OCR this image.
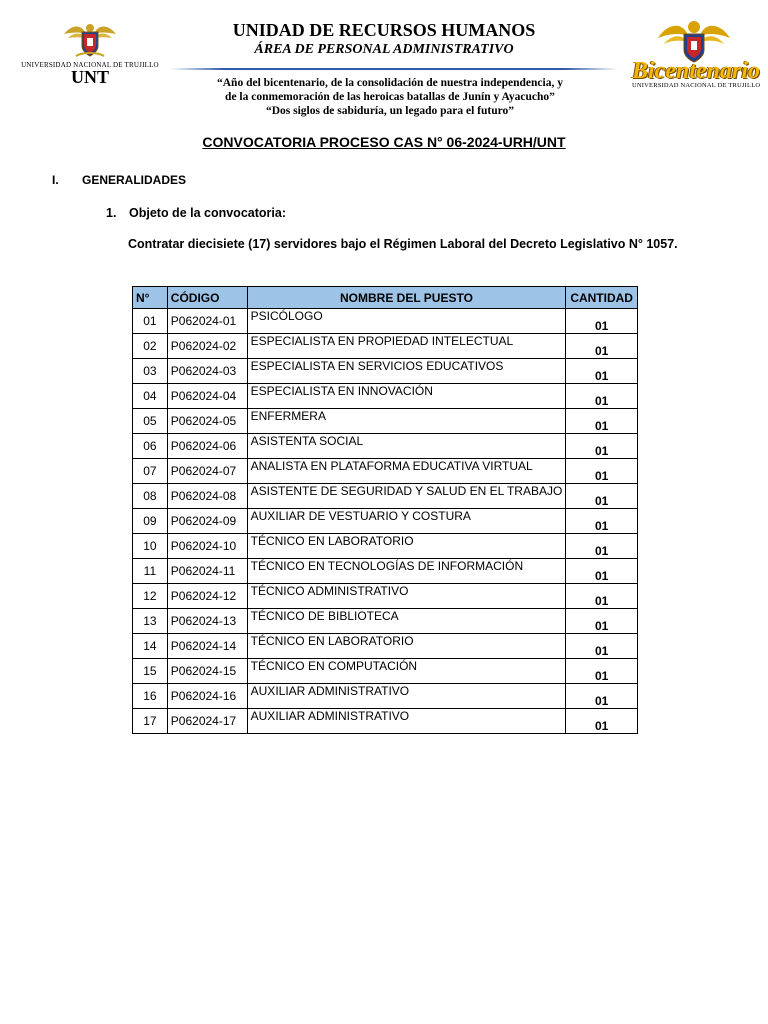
UNIVERSIDAD NACIONAL DE TRUJILLO
UNT
UNIDAD DE RECURSOS HUMANOS
ÁREA DE PERSONAL ADMINISTRATIVO
“Año del bicentenario, de la consolidación de nuestra independencia, y
de la conmemoración de las heroicas batallas de Junín y Ayacucho”
“Dos siglos de sabiduría, un legado para el futuro”
Bicentenario
UNIVERSIDAD NACIONAL DE TRUJILLO
CONVOCATORIA PROCESO CAS N° 06-2024-URH/UNT
I. GENERALIDADES
1. Objeto de la convocatoria:
Contratar diecisiete (17) servidores bajo el Régimen Laboral del Decreto Legislativo N° 1057.
N°	CÓDIGO	NOMBRE DEL PUESTO	CANTIDAD
01	P062024-01	PSICÓLOGO	01
02	P062024-02	ESPECIALISTA EN PROPIEDAD INTELECTUAL	01
03	P062024-03	ESPECIALISTA EN SERVICIOS EDUCATIVOS	01
04	P062024-04	ESPECIALISTA EN INNOVACIÓN	01
05	P062024-05	ENFERMERA	01
06	P062024-06	ASISTENTA SOCIAL	01
07	P062024-07	ANALISTA EN PLATAFORMA EDUCATIVA VIRTUAL	01
08	P062024-08	ASISTENTE DE SEGURIDAD Y SALUD EN EL TRABAJO	01
09	P062024-09	AUXILIAR DE VESTUARIO Y COSTURA	01
10	P062024-10	TÉCNICO EN LABORATORIO	01
11	P062024-11	TÉCNICO EN TECNOLOGÍAS DE INFORMACIÓN	01
12	P062024-12	TÉCNICO ADMINISTRATIVO	01
13	P062024-13	TÉCNICO DE BIBLIOTECA	01
14	P062024-14	TÉCNICO EN LABORATORIO	01
15	P062024-15	TÉCNICO EN COMPUTACIÓN	01
16	P062024-16	AUXILIAR ADMINISTRATIVO	01
17	P062024-17	AUXILIAR ADMINISTRATIVO	01
